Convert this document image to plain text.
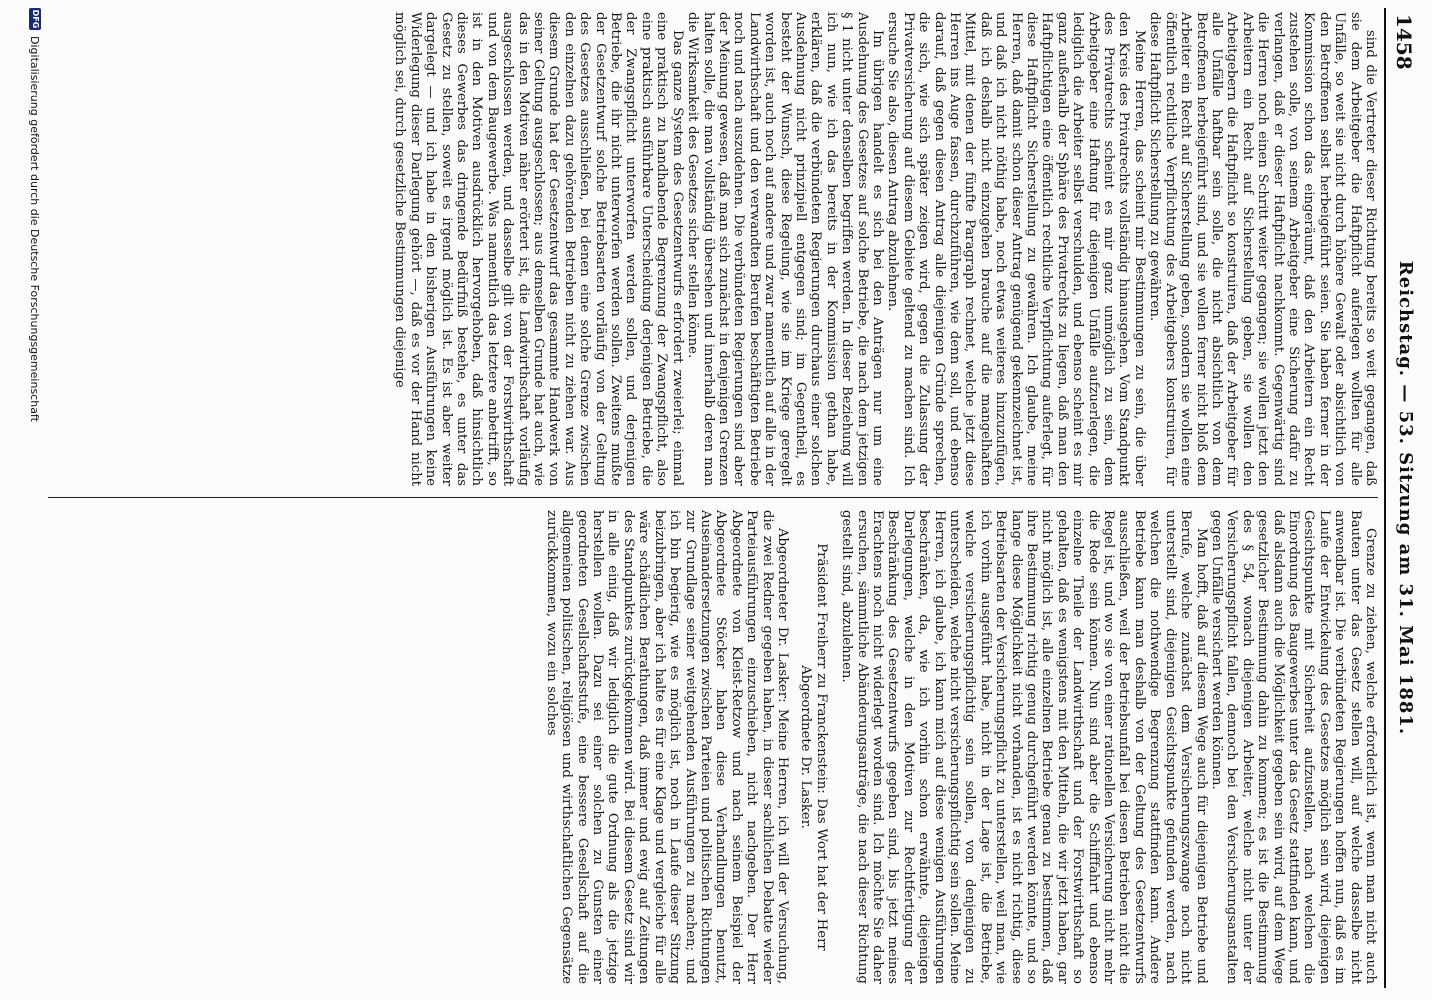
1458
Reichstag. — 53. Sitzung am 31. Mai 1881.

sind die Vertreter dieser Richtung bereits so weit gegangen, daß sie dem Arbeitgeber die Haftpflicht auferlegen wollten für alle Unfälle, so weit sie nicht durch höhere Gewalt oder absichtlich von den Betroffenen selbst herbeigeführt seien. Sie haben ferner in der Kommission schon das eingeräumt, daß den Arbeitern ein Recht zustehen solle, von seinem Arbeitgeber eine Sicherung dafür zu verlangen, daß er dieser Haftpflicht nachkommt. Gegenwärtig sind die Herren noch einen Schritt weiter gegangen; sie wollen jetzt den Arbeitern ein Recht auf Sicherstellung geben, sie wollen den Arbeitgebern die Haftpflicht so konstruiren, daß der Arbeitgeber für alle Unfälle haftbar sein solle, die nicht absichtlich von dem Betroffenen herbeigeführt sind, und sie wollen ferner nicht bloß dem Arbeiter ein Recht auf Sicherstellung geben, sondern sie wollen eine öffentlich rechtliche Verpflichtung des Arbeitgebers konstruiren, für diese Haftpflicht Sicherstellung zu gewähren.

Meine Herren, das scheint mir Bestimmungen zu sein, die über den Kreis des Privatrechts vollständig hinausgehen. Vom Standpunkt des Privatrechts scheint es mir ganz unmöglich zu sein, dem Arbeitgeber eine Haftung für diejenigen Unfälle aufzuerlegen, die lediglich die Arbeiter selbst verschulden, und ebenso scheint es mir ganz außerhalb der Sphäre des Privatrechts zu liegen, daß man den Haftpflichtigen eine öffentlich rechtliche Verpflichtung auferlegt, für diese Haftpflicht Sicherstellung zu gewähren. Ich glaube, meine Herren, daß damit schon dieser Antrag genügend gekennzeichnet ist, und daß ich nicht nöthig habe, noch etwas weiteres hinzuzufügen, daß ich deshalb nicht einzugehen brauche auf die mangelhaften Mittel, mit denen der fünfte Paragraph rechnet, welche jetzt diese Herren ins Auge fassen, durchzuführen, wie denn soll, und ebenso darauf, daß gegen diesen Antrag alle diejenigen Gründe sprechen, die sich, wie sich später zeigen wird, gegen die Zulassung der Privatversicherung auf diesem Gebiete geltend zu machen sind. Ich ersuche Sie also, diesen Antrag abzulehnen.

Im übrigen handelt es sich bei den Anträgen nur um eine Ausdehnung des Gesetzes auf solche Betriebe, die nach dem jetzigen § 1 nicht unter denselben begriffen werden. In dieser Beziehung will ich nun, wie ich das bereits in der Kommission gethan habe, erklären, daß die verbündeten Regierungen durchaus einer solchen Ausdehnung nicht prinzipiell entgegen sind; im Gegentheil, es besteht der Wunsch, diese Regelung, wie sie im Kriege geregelt worden ist, auch noch auf andere und zwar namentlich auf alle in der Landwirthschaft und den verwandten Berufen beschäftigten Betriebe noch und nach auszudehnen. Die verbündeten Regierungen sind aber der Meinung gewesen, daß man sich zunächst in denjenigen Grenzen halten solle, die man vollständig übersehen und innerhalb deren man die Wirksamkeit des Gesetzes sicher stellen könne.

Das ganze System des Gesetzentwurfs erfordert zweierlei; einmal eine praktisch zu handhabende Begrenzung der Zwangspflicht, also eine praktisch ausführbare Unterscheidung derjenigen Betriebe, die der Zwangspflicht unterworfen werden sollen, und derjenigen Betriebe, die ihr nicht unterworfen werden sollen. Zweitens mußte der Gesetzentwurf solche Betriebsarten vorläufig von der Geltung des Gesetzes ausschließen, bei denen eine solche Grenze zwischen den einzelnen dazu gehörenden Betrieben nicht zu ziehen war. Aus diesem Grunde hat der Gesetzentwurf das gesammte Handwerk von seiner Geltung ausgeschlossen; aus demselben Grunde hat auch, wie das in den Motiven näher erörtert ist, die Landwirthschaft vorläufig ausgeschlossen werden, und dasselbe gilt von der Forstwirthschaft und von dem Baugewerbe. Was namentlich das letztere anbetrifft, so ist in den Motiven ausdrücklich hervorgehoben, daß hinsichtlich dieses Gewerbes das dringende Bedürfniß bestehe, es unter das Gesetz zu stellen, soweit es irgend möglich ist. Es ist aber weiter dargelegt — und ich habe in den bisherigen Ausführungen keine Widerlegung dieser Darlegung gehört —, daß es vor der Hand nicht möglich sei, durch gesetzliche Bestimmungen diejenige

Grenze zu ziehen, welche erforderlich ist, wenn man nicht auch Bauten unter das Gesetz stellen will, auf welche dasselbe nicht anwendbar ist. Die verbündeten Regierungen hoffen nun, daß es im Laufe der Entwickelung des Gesetzes möglich sein wird, diejenigen Gesichtspunkte mit Sicherheit aufzustellen, nach welchen die Einordnung des Baugewerbes unter das Gesetz stattfinden kann, und daß alsdann auch die Möglichkeit gegeben sein wird, auf dem Wege gesetzlicher Bestimmung dahin zu kommen; es ist die Bestimmung des § 54, wonach diejenigen Arbeiter, welche nicht unter der Versicherungspflicht fallen, dennoch bei den Versicherungsanstalten gegen Unfälle versichert werden können.

Man hofft, daß auf diesem Wege auch für diejenigen Betriebe und Berufe, welche zunächst dem Versicherungszwange noch nicht unterstellt sind, diejenigen Gesichtspunkte gefunden werden, nach welchen die nothwendige Begrenzung stattfinden kann. Andere Betriebe kann man deshalb von der Geltung des Gesetzentwurfs ausschließen, weil der Betriebsunfall bei diesen Betrieben nicht die Regel ist, und wo sie von einer rationellen Versicherung nicht mehr die Rede sein können. Nun sind aber die Schifffahrt und ebenso einzelne Theile der Landwirthschaft und der Forstwirthschaft so gehalten, daß es wenigstens mit den Mitteln, die wir jetzt haben, gar nicht möglich ist, alle einzelnen Betriebe genau zu bestimmen, daß ihre Bestimmung richtig genug durchgeführt werden könnte, und so lange diese Möglichkeit nicht vorhanden, ist es nicht richtig, diese Betriebsarten der Versicherungspflicht zu unterstellen, weil man, wie ich vorhin ausgeführt habe, nicht in der Lage ist, die Betriebe, welche versicherungspflichtig sein sollen, von denjenigen zu unterscheiden, welche nicht versicherungspflichtig sein sollen. Meine Herren, ich glaube, ich kann mich auf diese wenigen Ausführungen beschränken, da, wie ich vorhin schon erwähnte, diejenigen Darlegungen, welche in den Motiven zur Rechtfertigung der Beschränkung des Gesetzentwurfs gegeben sind, bis jetzt meines Erachtens noch nicht widerlegt worden sind. Ich möchte Sie daher ersuchen, sämmtliche Abänderungsanträge, die nach dieser Richtung gestellt sind, abzulehnen.

Präsident Freiherr zu Franckenstein: Das Wort hat der Herr Abgeordnete Dr. Lasker.

Abgeordneter Dr. Lasker: Meine Herren, ich will der Versuchung, die zwei Redner gegeben haben, in dieser sachlichen Debatte wieder Parteiausführungen einzuschieben, nicht nachgeben. Der Herr Abgeordnete von Kleist-Retzow und nach seinem Beispiel der Abgeordnete Stöcker haben diese Verhandlungen benutzt, Auseinandersetzungen zwischen Parteien und politischen Richtungen zur Grundlage seiner weitgehenden Ausführungen zu machen; und ich bin begierig, wie es möglich ist, noch in Laufe dieser Sitzung beizubringen, aber ich halte es für eine Klage und vergleiche für alle wäre schädlichen Berathungen, daß immer und ewig auf Zeitungen des Standpunktes zurückgekommen wird. Bei diesem Gesetz sind wir in alle einig, daß wir lediglich die gute Ordnung als die jetzige herstellen wollen. Dazu sei einer solchen zu Gunsten einer geordneten Gesellschaftsstufe, eine bessere Gesellschaft auf die allgemeinen politischen, religiösen und wirthschaftlichen Gegensätze zurückkommen, wozu ein solches

DFG
Digitalisierung gefördert durch die Deutsche Forschungsgemeinschaft
